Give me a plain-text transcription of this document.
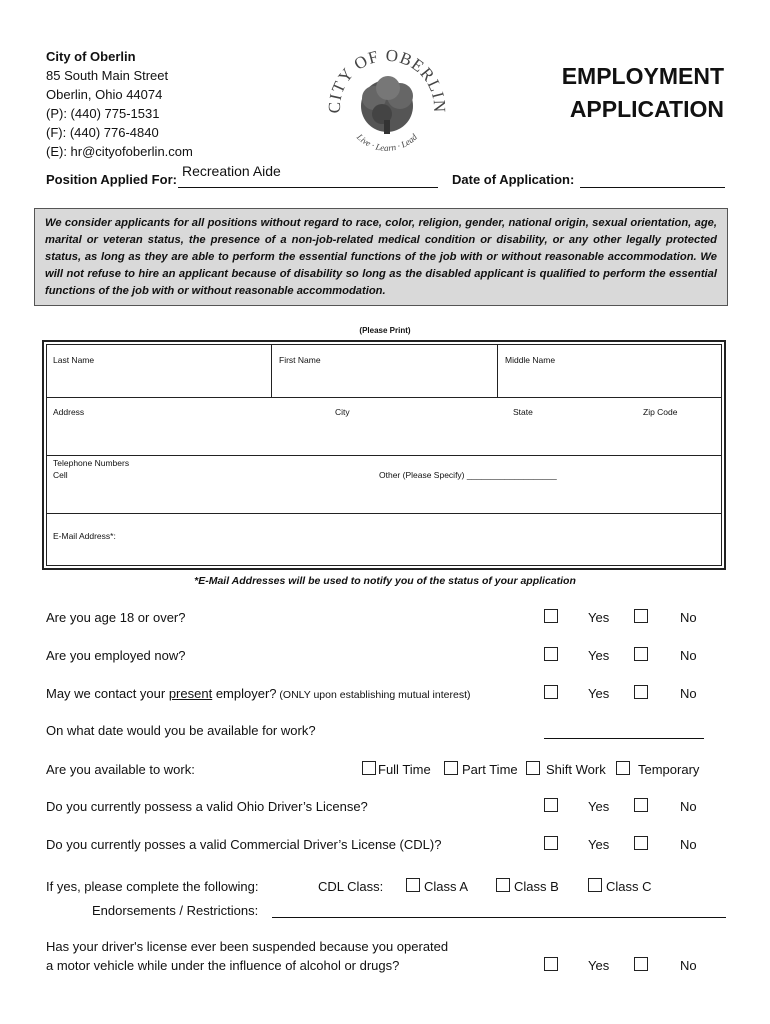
City of Oberlin
85 South Main Street
Oberlin, Ohio 44074
(P): (440) 775-1531
(F): (440) 776-4840
(E): hr@cityofoberlin.com
CITY OF OBERLIN
Live · Learn · Lead
EMPLOYMENT
APPLICATION
Position Applied For:
Recreation Aide
Date of Application:
We consider applicants for all positions without regard to race, color, religion, gender, national origin, sexual orientation, age, marital or veteran status, the presence of a non-job-related medical condition or disability, or any other legally protected status, as long as they are able to perform the essential functions of the job with or without reasonable accommodation. We will not refuse to hire an applicant because of disability so long as the disabled applicant is qualified to perform the essential functions of the job with or without reasonable accommodation.
(Please Print)
Last Name	First Name	Middle Name
Address	City	State	Zip Code
Telephone Numbers
Cell	Other (Please Specify) ___________________
E-Mail Address*:
*E-Mail Addresses will be used to notify you of the status of your application
Are you age 18 or over?	Yes	No
Are you employed now?	Yes	No
May we contact your present employer? (ONLY upon establishing mutual interest)	Yes	No
On what date would you be available for work?
Are you available to work:	Full Time Part Time Shift Work Temporary
Do you currently possess a valid Ohio Driver’s License?	Yes	No
Do you currently posses a valid Commercial Driver’s License (CDL)?	Yes	No
If yes, please complete the following:	CDL Class:	Class A	Class B	Class C
Endorsements / Restrictions:
Has your driver's license ever been suspended because you operated
a motor vehicle while under the influence of alcohol or drugs?	Yes	No
